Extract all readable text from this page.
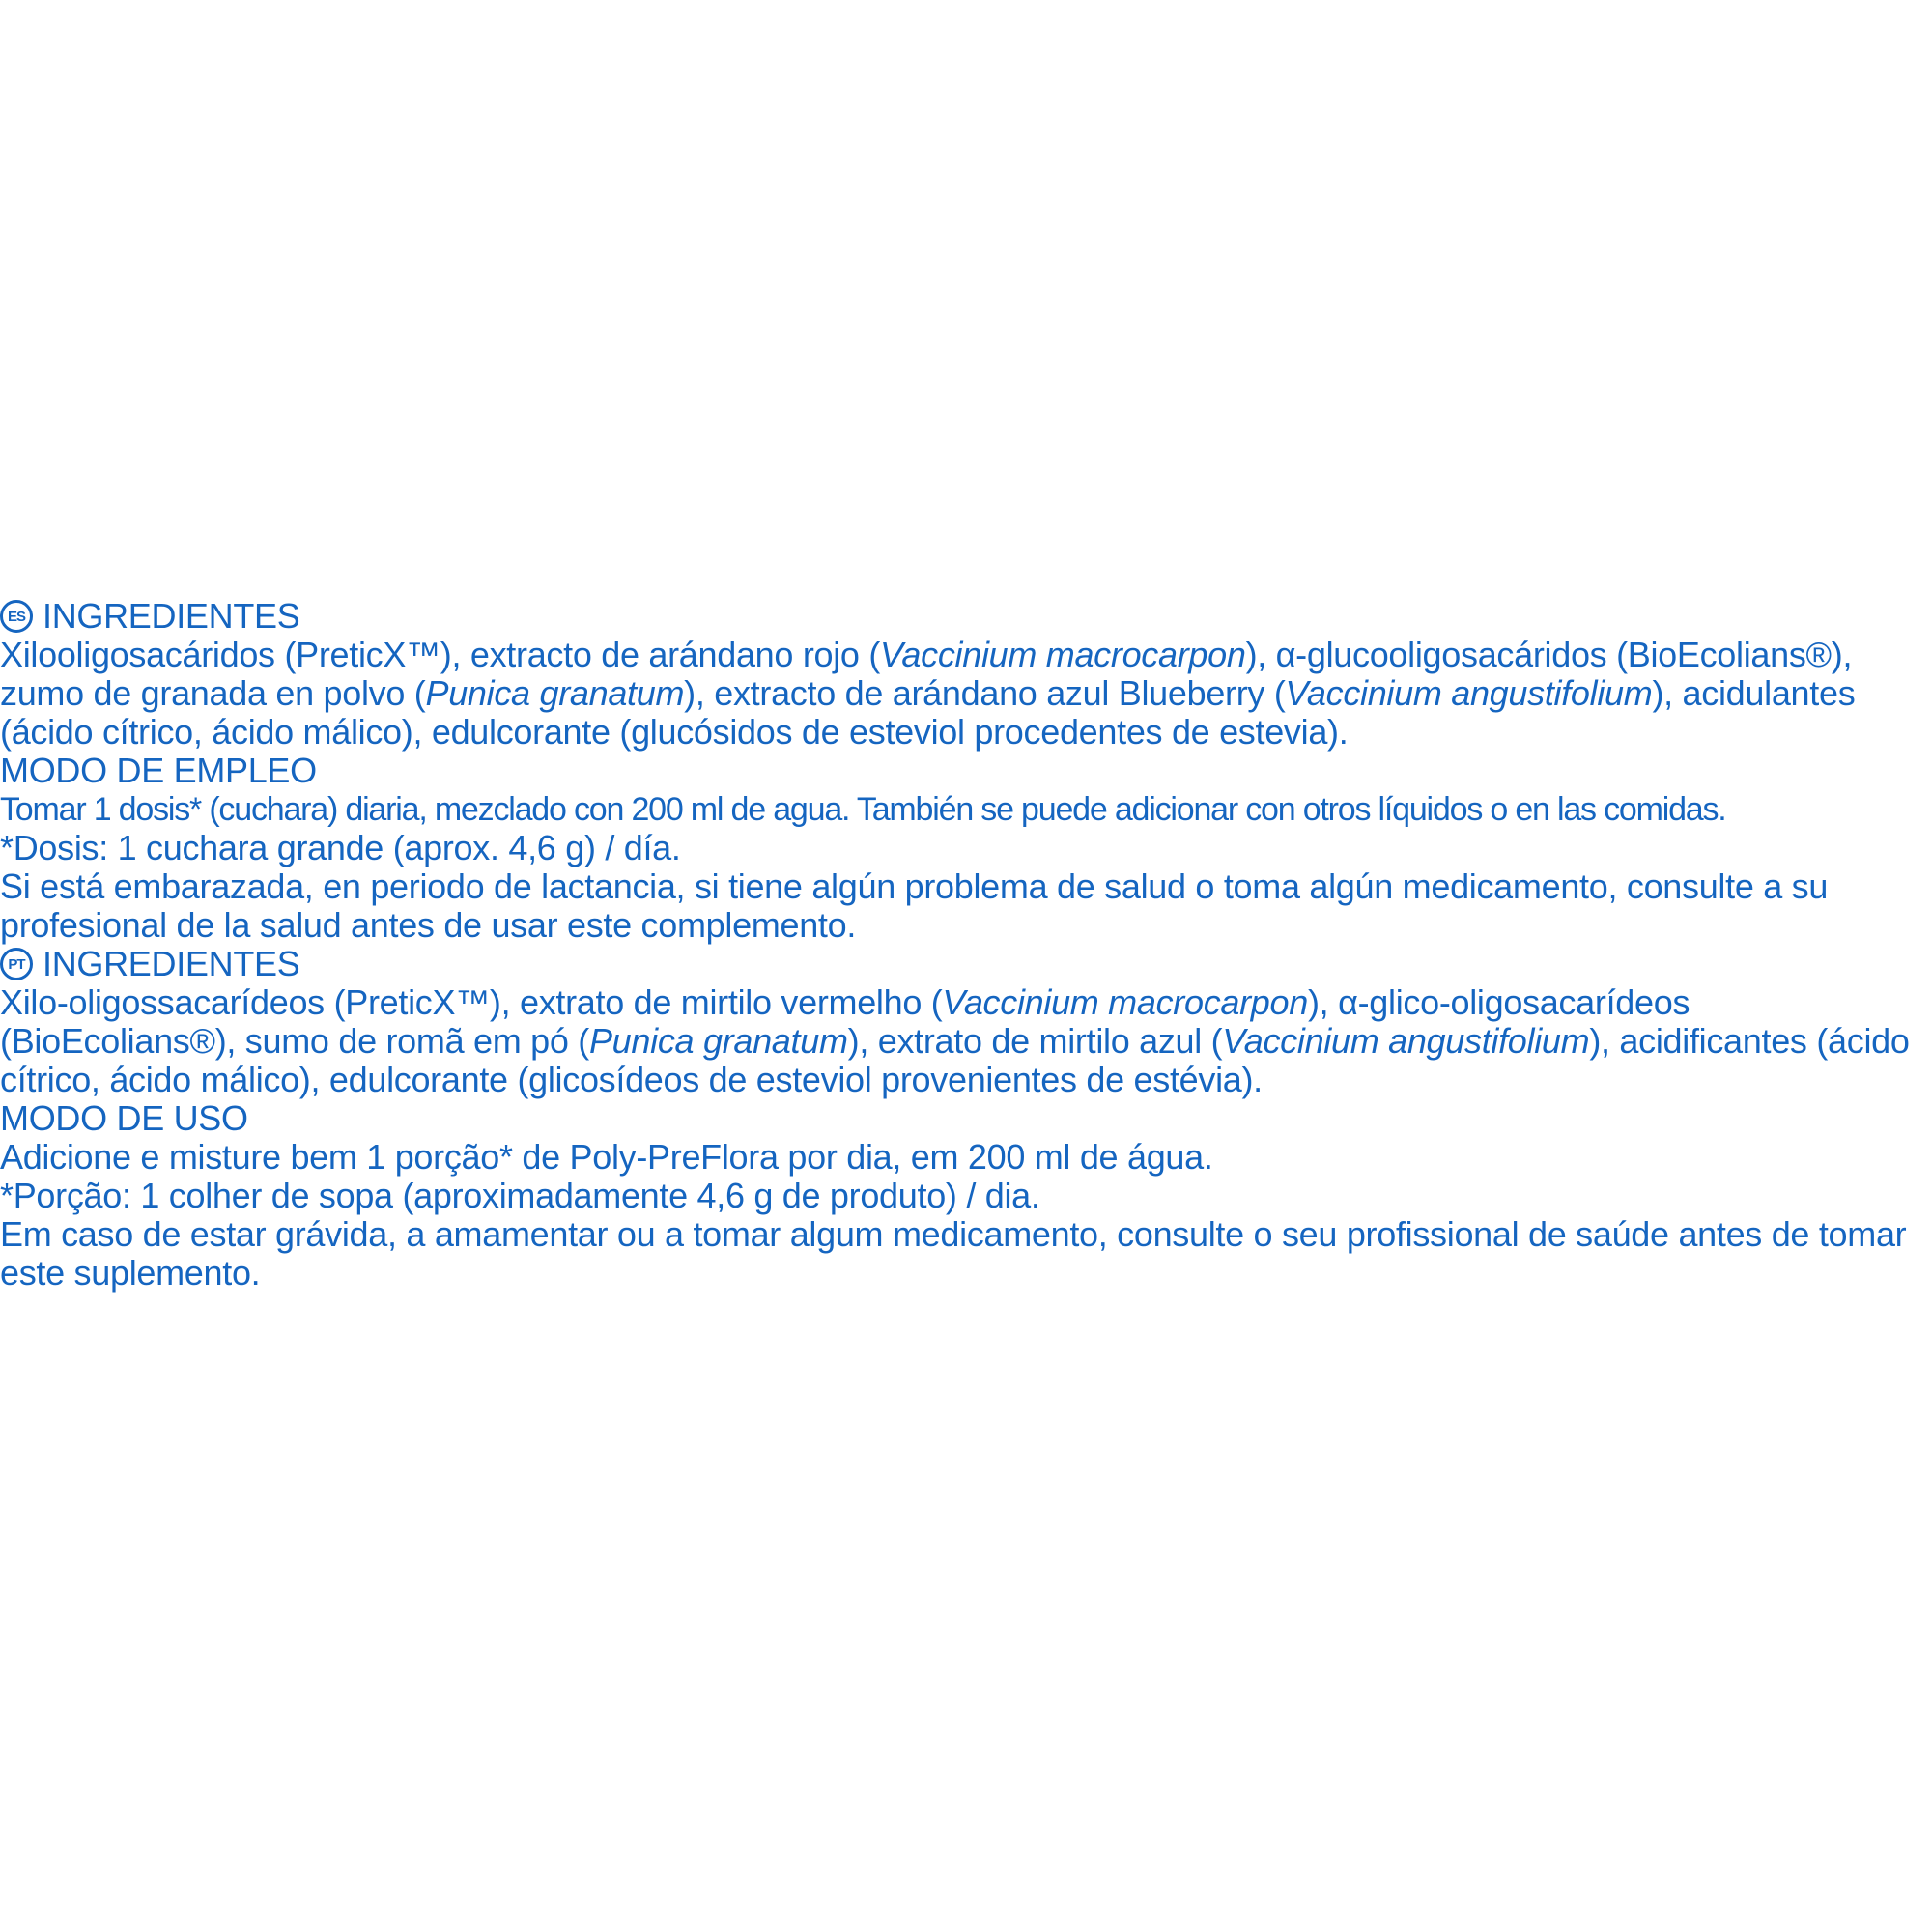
ES INGREDIENTES

Xilooligosacáridos (PreticX™), extracto de arándano rojo (Vaccinium macrocarpon), α-glucooligosacáridos (BioEcolians®), zumo de granada en polvo (Punica granatum), extracto de arándano azul Blueberry (Vaccinium angustifolium), acidulantes (ácido cítrico, ácido málico), edulcorante (glucósidos de esteviol procedentes de estevia).

MODO DE EMPLEO
Tomar 1 dosis* (cuchara) diaria, mezclado con 200 ml de agua. También se puede adicionar con otros líquidos o en las comidas.
*Dosis: 1 cuchara grande (aprox. 4,6 g) / día.

Si está embarazada, en periodo de lactancia, si tiene algún problema de salud o toma algún medicamento, consulte a su profesional de la salud antes de usar este complemento.

PT INGREDIENTES

Xilo-oligossacarídeos (PreticX™), extrato de mirtilo vermelho (Vaccinium macrocarpon), α-glico-oligosacarídeos (BioEcolians®), sumo de romã em pó (Punica granatum), extrato de mirtilo azul (Vaccinium angustifolium), acidificantes (ácido cítrico, ácido málico), edulcorante (glicosídeos de esteviol provenientes de estévia).

MODO DE USO
Adicione e misture bem 1 porção* de Poly-PreFlora por dia, em 200 ml de água.
*Porção: 1 colher de sopa (aproximadamente 4,6 g de produto) / dia.

Em caso de estar grávida, a amamentar ou a tomar algum medicamento, consulte o seu profissional de saúde antes de tomar este suplemento.
